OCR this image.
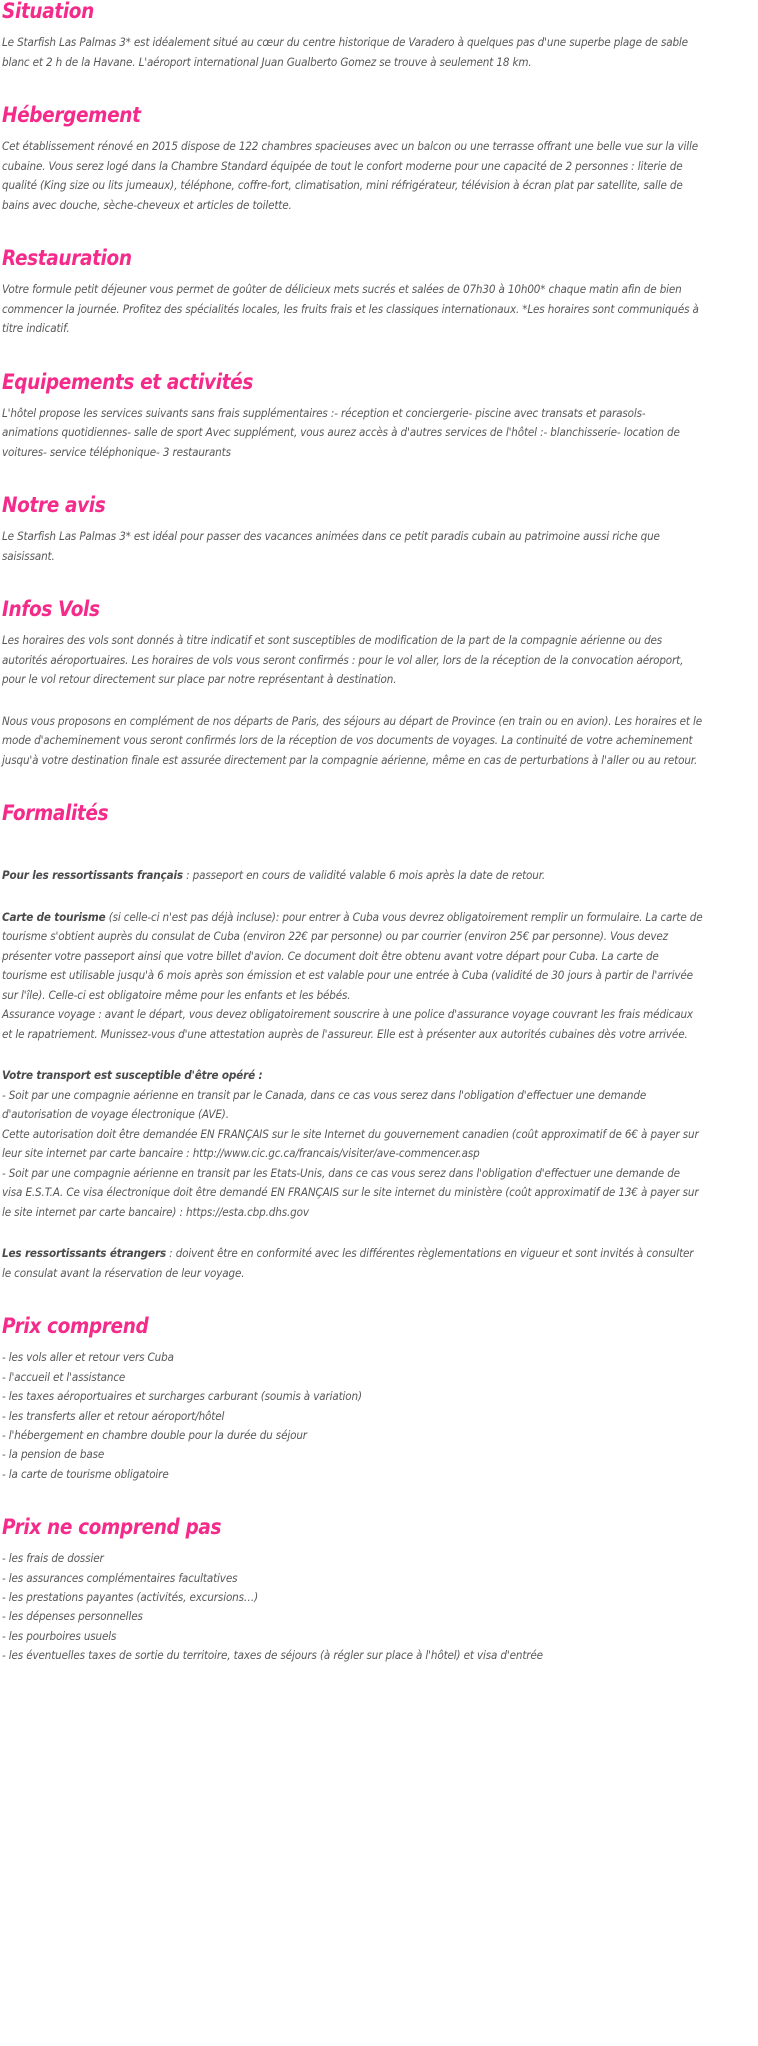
Situation

Le Starfish Las Palmas 3* est idéalement situé au cœur du centre historique de Varadero à quelques pas d'une superbe plage de sable blanc et 2 h de la Havane. L'aéroport international Juan Gualberto Gomez se trouve à seulement 18 km.

Hébergement

Cet établissement rénové en 2015 dispose de 122 chambres spacieuses avec un balcon ou une terrasse offrant une belle vue sur la ville cubaine. Vous serez logé dans la Chambre Standard équipée de tout le confort moderne pour une capacité de 2 personnes : literie de qualité (King size ou lits jumeaux), téléphone, coffre-fort, climatisation, mini réfrigérateur, télévision à écran plat par satellite, salle de bains avec douche, sèche-cheveux et articles de toilette.

Restauration

Votre formule petit déjeuner vous permet de goûter de délicieux mets sucrés et salées de 07h30 à 10h00* chaque matin afin de bien commencer la journée. Profitez des spécialités locales, les fruits frais et les classiques internationaux. *Les horaires sont communiqués à titre indicatif.

Equipements et activités

L'hôtel propose les services suivants sans frais supplémentaires :- réception et conciergerie- piscine avec transats et parasols- animations quotidiennes- salle de sport Avec supplément, vous aurez accès à d'autres services de l'hôtel :- blanchisserie- location de voitures- service téléphonique- 3 restaurants

Notre avis

Le Starfish Las Palmas 3* est idéal pour passer des vacances animées dans ce petit paradis cubain au patrimoine aussi riche que saisissant.

Infos Vols

Les horaires des vols sont donnés à titre indicatif et sont susceptibles de modification de la part de la compagnie aérienne ou des autorités aéroportuaires. Les horaires de vols vous seront confirmés : pour le vol aller, lors de la réception de la convocation aéroport, pour le vol retour directement sur place par notre représentant à destination.

Nous vous proposons en complément de nos départs de Paris, des séjours au départ de Province (en train ou en avion). Les horaires et le mode d'acheminement vous seront confirmés lors de la réception de vos documents de voyages. La continuité de votre acheminement jusqu'à votre destination finale est assurée directement par la compagnie aérienne, même en cas de perturbations à l'aller ou au retour.

Formalités

Pour les ressortissants français : passeport en cours de validité valable 6 mois après la date de retour.

Carte de tourisme (si celle-ci n'est pas déjà incluse): pour entrer à Cuba vous devrez obligatoirement remplir un formulaire. La carte de tourisme s'obtient auprès du consulat de Cuba (environ 22€ par personne) ou par courrier (environ 25€ par personne). Vous devez présenter votre passeport ainsi que votre billet d'avion. Ce document doit être obtenu avant votre départ pour Cuba. La carte de tourisme est utilisable jusqu'à 6 mois après son émission et est valable pour une entrée à Cuba (validité de 30 jours à partir de l'arrivée sur l'île). Celle-ci est obligatoire même pour les enfants et les bébés.

Assurance voyage : avant le départ, vous devez obligatoirement souscrire à une police d'assurance voyage couvrant les frais médicaux et le rapatriement. Munissez-vous d'une attestation auprès de l'assureur. Elle est à présenter aux autorités cubaines dès votre arrivée.

Votre transport est susceptible d'être opéré :

- Soit par une compagnie aérienne en transit par le Canada, dans ce cas vous serez dans l'obligation d'effectuer une demande d'autorisation de voyage électronique (AVE).

Cette autorisation doit être demandée EN FRANÇAIS sur le site Internet du gouvernement canadien (coût approximatif de 6€ à payer sur leur site internet par carte bancaire : http://www.cic.gc.ca/francais/visiter/ave-commencer.asp

- Soit par une compagnie aérienne en transit par les Etats-Unis, dans ce cas vous serez dans l'obligation d'effectuer une demande de visa E.S.T.A. Ce visa électronique doit être demandé EN FRANÇAIS sur le site internet du ministère (coût approximatif de 13€ à payer sur le site internet par carte bancaire) : https://esta.cbp.dhs.gov

Les ressortissants étrangers : doivent être en conformité avec les différentes règlementations en vigueur et sont invités à consulter le consulat avant la réservation de leur voyage.

Prix comprend

- les vols aller et retour vers Cuba

- l'accueil et l'assistance

- les taxes aéroportuaires et surcharges carburant (soumis à variation)

- les transferts aller et retour aéroport/hôtel

- l'hébergement en chambre double pour la durée du séjour

- la pension de base

- la carte de tourisme obligatoire

Prix ne comprend pas

- les frais de dossier

- les assurances complémentaires facultatives

- les prestations payantes (activités, excursions…)

- les dépenses personnelles

- les pourboires usuels

- les éventuelles taxes de sortie du territoire, taxes de séjours (à régler sur place à l'hôtel) et visa d'entrée
